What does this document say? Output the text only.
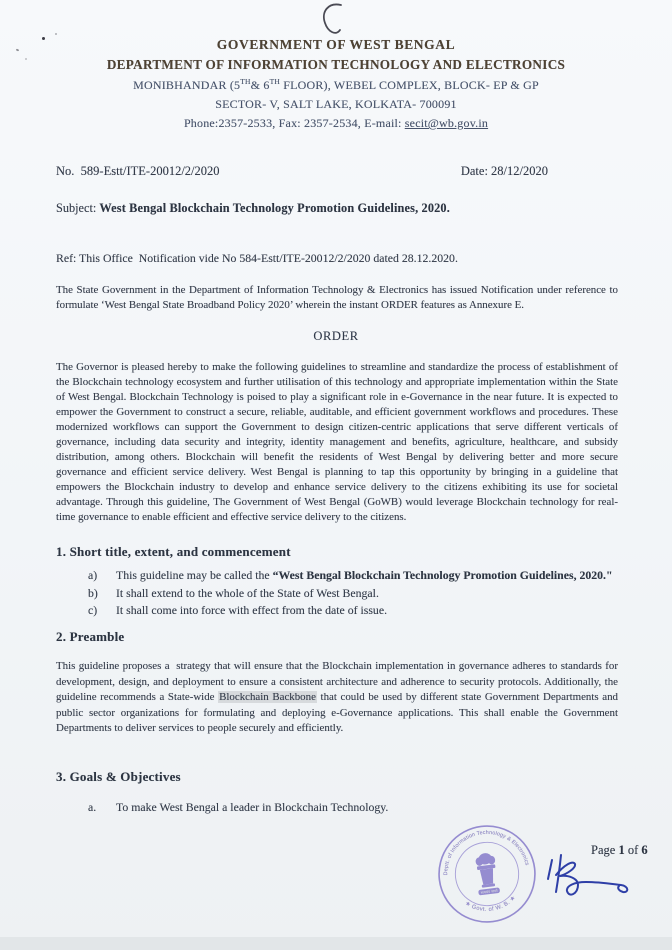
GOVERNMENT OF WEST BENGAL
DEPARTMENT OF INFORMATION TECHNOLOGY AND ELECTRONICS
MONIBHANDAR (5TH& 6TH FLOOR), WEBEL COMPLEX, BLOCK- EP & GP
SECTOR- V, SALT LAKE, KOLKATA- 700091
Phone:2357-2533, Fax: 2357-2534, E-mail: secit@wb.gov.in
No.  589-Estt/ITE-20012/2/2020	Date: 28/12/2020
Subject: West Bengal Blockchain Technology Promotion Guidelines, 2020.
Ref: This Office  Notification vide No 584-Estt/ITE-20012/2/2020 dated 28.12.2020.
The State Government in the Department of Information Technology & Electronics has issued Notification under reference to formulate ‘West Bengal State Broadband Policy 2020’ wherein the instant ORDER features as Annexure E.
ORDER
The Governor is pleased hereby to make the following guidelines to streamline and standardize the process of establishment of the Blockchain technology ecosystem and further utilisation of this technology and appropriate implementation within the State of West Bengal. Blockchain Technology is poised to play a significant role in e-Governance in the near future. It is expected to empower the Government to construct a secure, reliable, auditable, and efficient government workflows and procedures. These modernized workflows can support the Government to design citizen-centric applications that serve different verticals of governance, including data security and integrity, identity management and benefits, agriculture, healthcare, and subsidy distribution, among others. Blockchain will benefit the residents of West Bengal by delivering better and more secure governance and efficient service delivery. West Bengal is planning to tap this opportunity by bringing in a guideline that empowers the Blockchain industry to develop and enhance service delivery to the citizens exhibiting its use for societal advantage. Through this guideline, The Government of West Bengal (GoWB) would leverage Blockchain technology for real-time governance to enable efficient and effective service delivery to the citizens.
1. Short title, extent, and commencement
a)	This guideline may be called the “West Bengal Blockchain Technology Promotion Guidelines, 2020."
b)	It shall extend to the whole of the State of West Bengal.
c)	It shall come into force with effect from the date of issue.
2. Preamble
This guideline proposes a  strategy that will ensure that the Blockchain implementation in governance adheres to standards for development, design, and deployment to ensure a consistent architecture and adherence to security protocols. Additionally, the guideline recommends a State-wide Blockchain Backbone that could be used by different state Government Departments and public sector organizations for formulating and deploying e-Governance applications. This shall enable the Government Departments to deliver services to people securely and efficiently.
3. Goals & Objectives
a.	To make West Bengal a leader in Blockchain Technology.
Deptt. of Information Technology & Electronics
★ Govt. of W. B. ★
सत्यमेव जयते
Page 1 of 6
